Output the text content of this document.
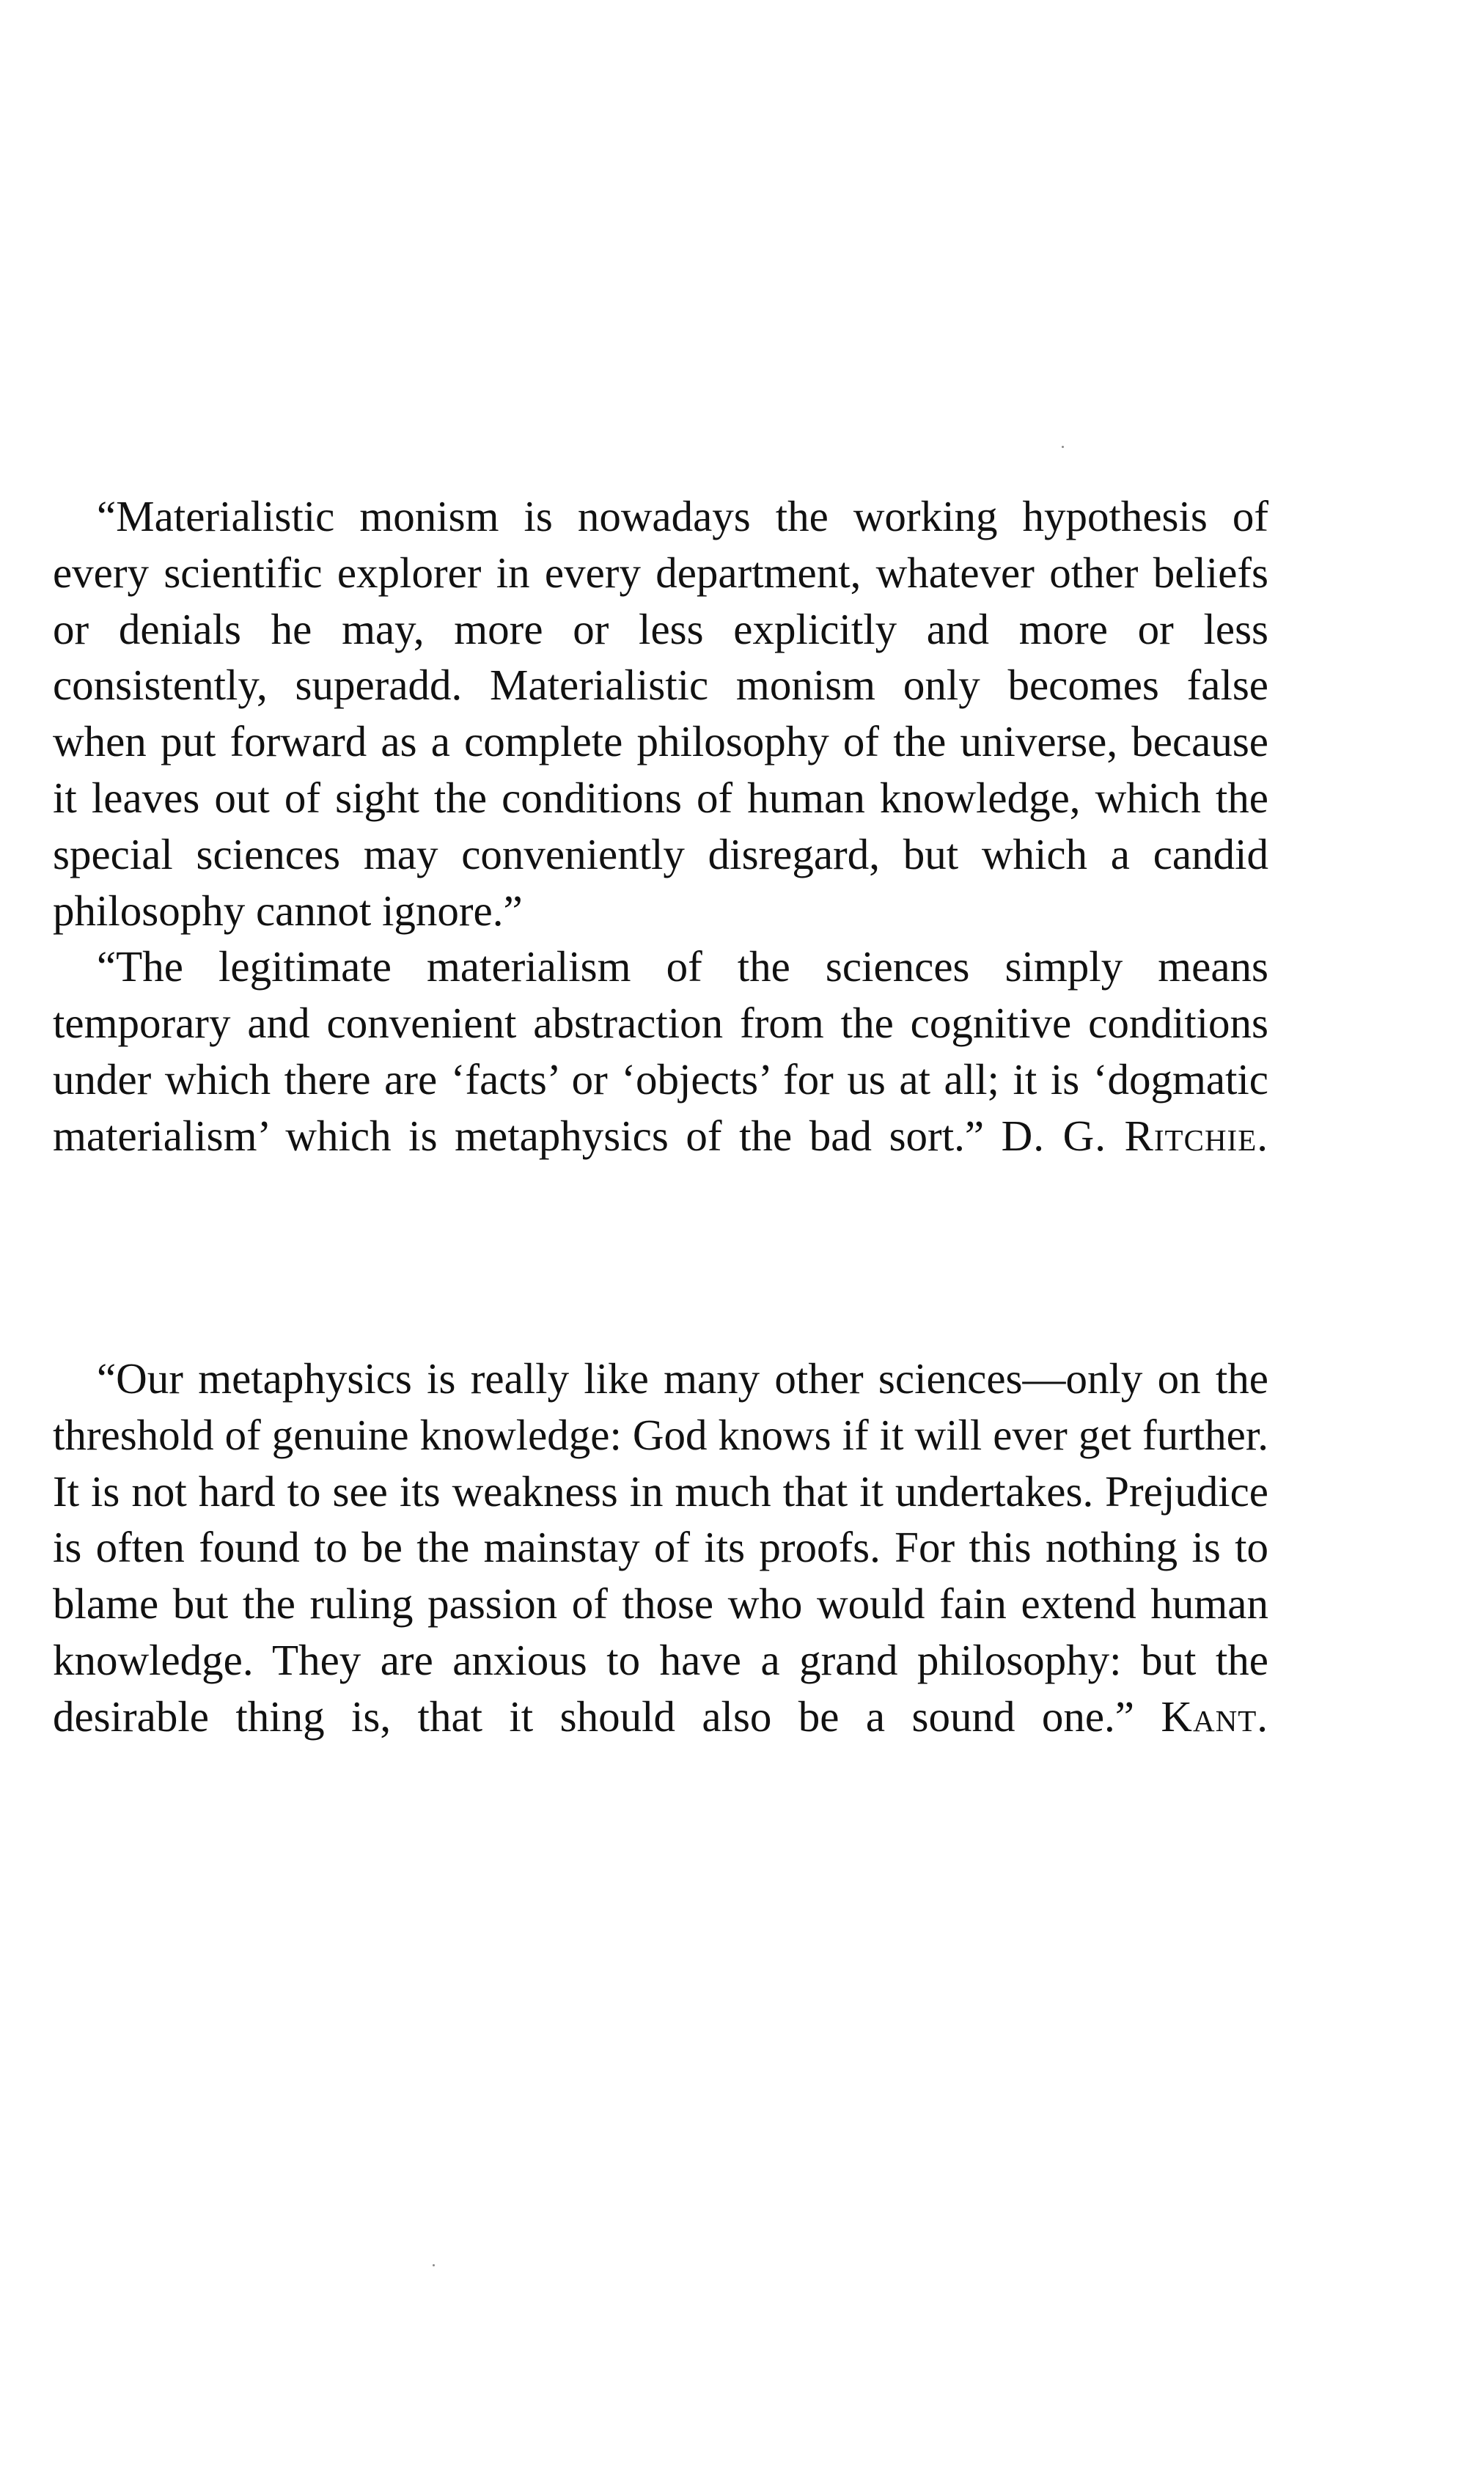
“Materialistic monism is nowadays the working hypothesis of every scientific explorer in every department, whatever other beliefs or denials he may, more or less explicitly and more or less consistently, superadd. Materialistic monism only becomes false when put forward as a complete philosophy of the universe, because it leaves out of sight the conditions of human knowledge, which the special sciences may conveniently disregard, but which a candid philosophy cannot ignore.”

“The legitimate materialism of the sciences simply means temporary and convenient abstraction from the cognitive conditions under which there are ‘facts’ or ‘objects’ for us at all; it is ‘dogmatic materialism’ which is metaphysics of the bad sort.” D. G. Ritchie.

“Our metaphysics is really like many other sciences—only on the threshold of genuine knowledge: God knows if it will ever get further. It is not hard to see its weakness in much that it undertakes. Prejudice is often found to be the mainstay of its proofs. For this nothing is to blame but the ruling passion of those who would fain extend human knowledge. They are anxious to have a grand philosophy: but the desirable thing is, that it should also be a sound one.” Kant.
